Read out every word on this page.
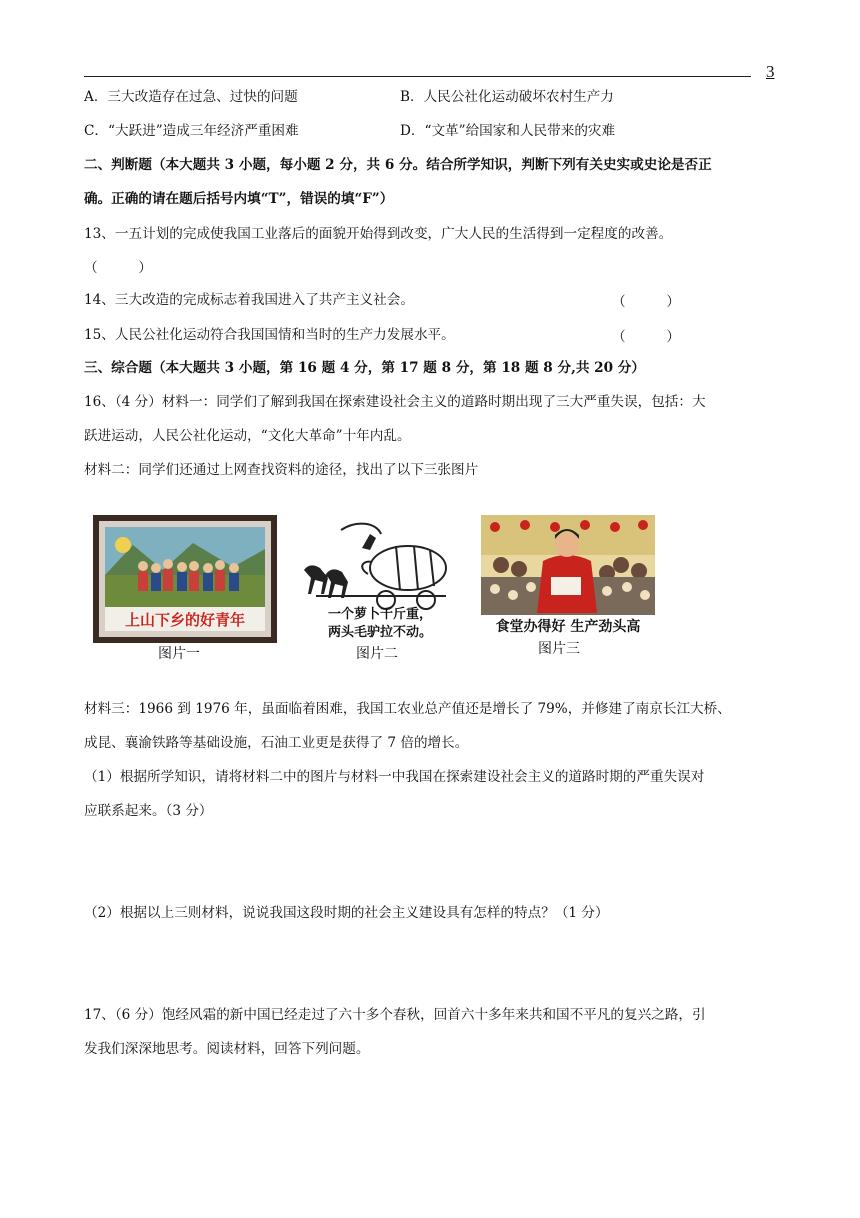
3
A．三大改造存在过急、过快的问题	B．人民公社化运动破坏农村生产力
C．“大跃进”造成三年经济严重困难	D．“文革”给国家和人民带来的灾难
二、判断题（本大题共 3 小题，每小题 2 分，共 6 分。结合所学知识，判断下列有关史实或史论是否正
确。正确的请在题后括号内填“T”，错误的填“F”）
13、一五计划的完成使我国工业落后的面貌开始得到改变，广大人民的生活得到一定程度的改善。
（　　　）
14、三大改造的完成标志着我国进入了共产主义社会。	（　　　）
15、人民公社化运动符合我国国情和当时的生产力发展水平。	（　　　）
三、综合题（本大题共 3 小题，第 16 题 4 分，第 17 题 8 分，第 18 题 8 分,共 20 分）
16、（4 分）材料一：同学们了解到我国在探索建设社会主义的道路时期出现了三大严重失误，包括：大
跃进运动，人民公社化运动，“文化大革命”十年内乱。
材料二：同学们还通过上网查找资料的途径，找出了以下三张图片
上山下乡的好青年
图片一
一个萝卜千斤重，
两头毛驴拉不动。
图片二
食堂办得好 生产劲头高
图片三
材料三：1966 到 1976 年，虽面临着困难，我国工农业总产值还是增长了 79%，并修建了南京长江大桥、
成昆、襄渝铁路等基础设施，石油工业更是获得了 7 倍的增长。
（1）根据所学知识，请将材料二中的图片与材料一中我国在探索建设社会主义的道路时期的严重失误对
应联系起来。（3 分）
（2）根据以上三则材料，说说我国这段时期的社会主义建设具有怎样的特点？（1 分）
17、（6 分）饱经风霜的新中国已经走过了六十多个春秋，回首六十多年来共和国不平凡的复兴之路，引
发我们深深地思考。阅读材料，回答下列问题。
